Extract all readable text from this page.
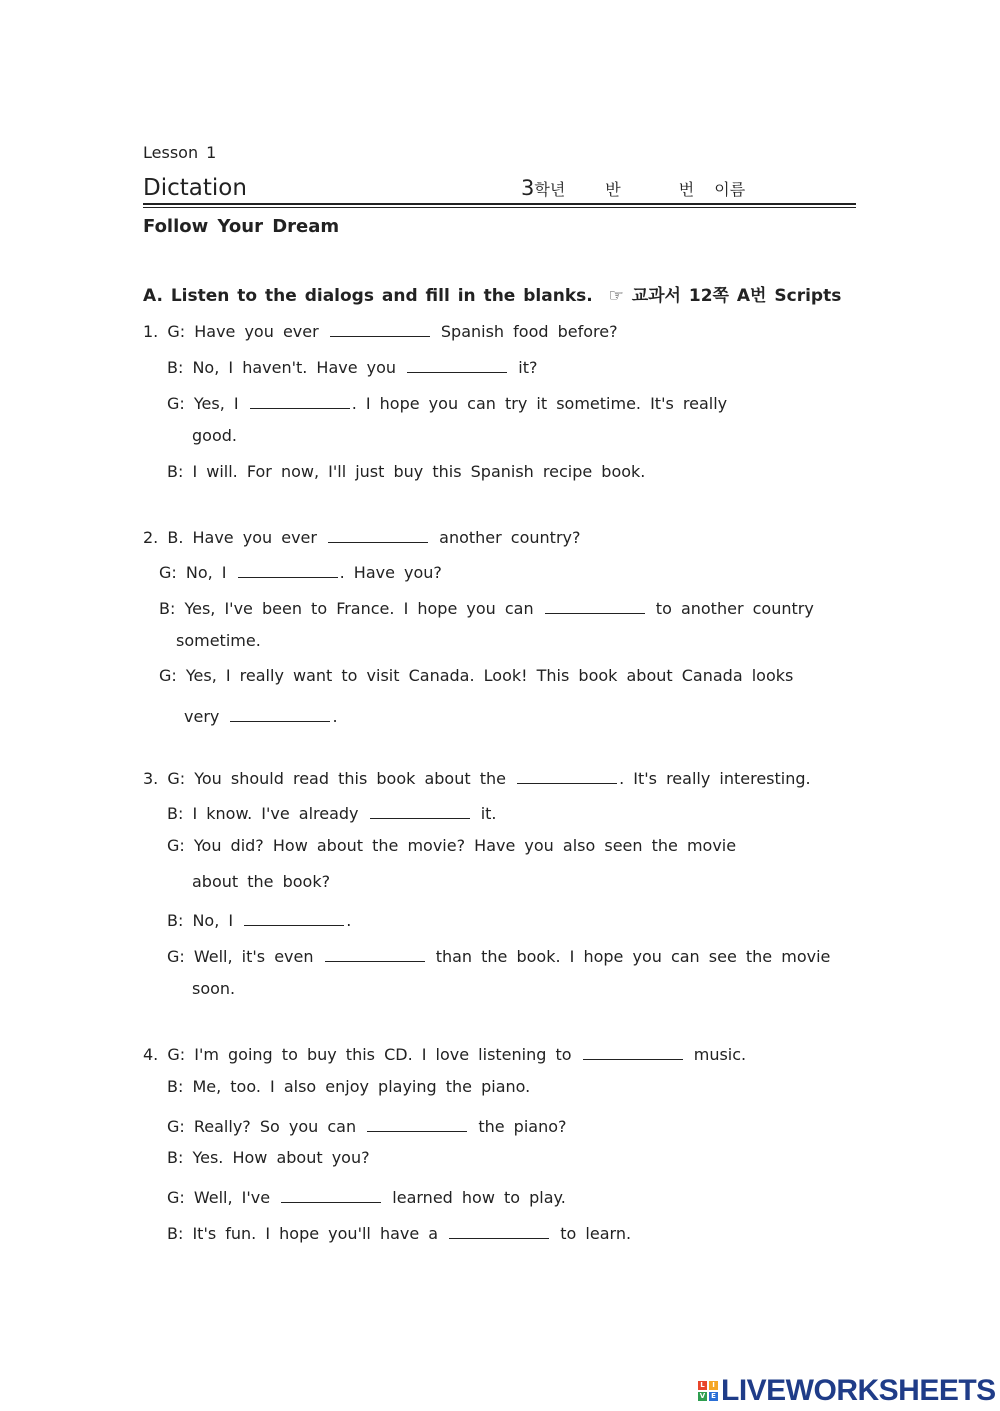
Lesson 1
Dictation	3학년	반	번 이름
Follow Your Dream
A. Listen to the dialogs and fill in the blanks. ☞ 교과서 12쪽 A번 Scripts
1. G: Have you ever	Spanish food before?
B: No, I haven't. Have you	it?
G: Yes, I	. I hope you can try it sometime. It's really
good.
B: I will. For now, I'll just buy this Spanish recipe book.
2. B. Have you ever	another country?
G: No, I	. Have you?
B: Yes, I've been to France. I hope you can	to another country
sometime.
G: Yes, I really want to visit Canada. Look! This book about Canada looks
very	.
3. G: You should read this book about the	. It's really interesting.
B: I know. I've already	it.
G: You did? How about the movie? Have you also seen the movie
about the book?
B: No, I	.
G: Well, it's even	than the book. I hope you can see the movie
soon.
4. G: I'm going to buy this CD. I love listening to	music.
B: Me, too. I also enjoy playing the piano.
G: Really? So you can	the piano?
B: Yes. How about you?
G: Well, I've	learned how to play.
B: It's fun. I hope you'll have a	to learn.
L	I
V E LIVEWORKSHEETS
